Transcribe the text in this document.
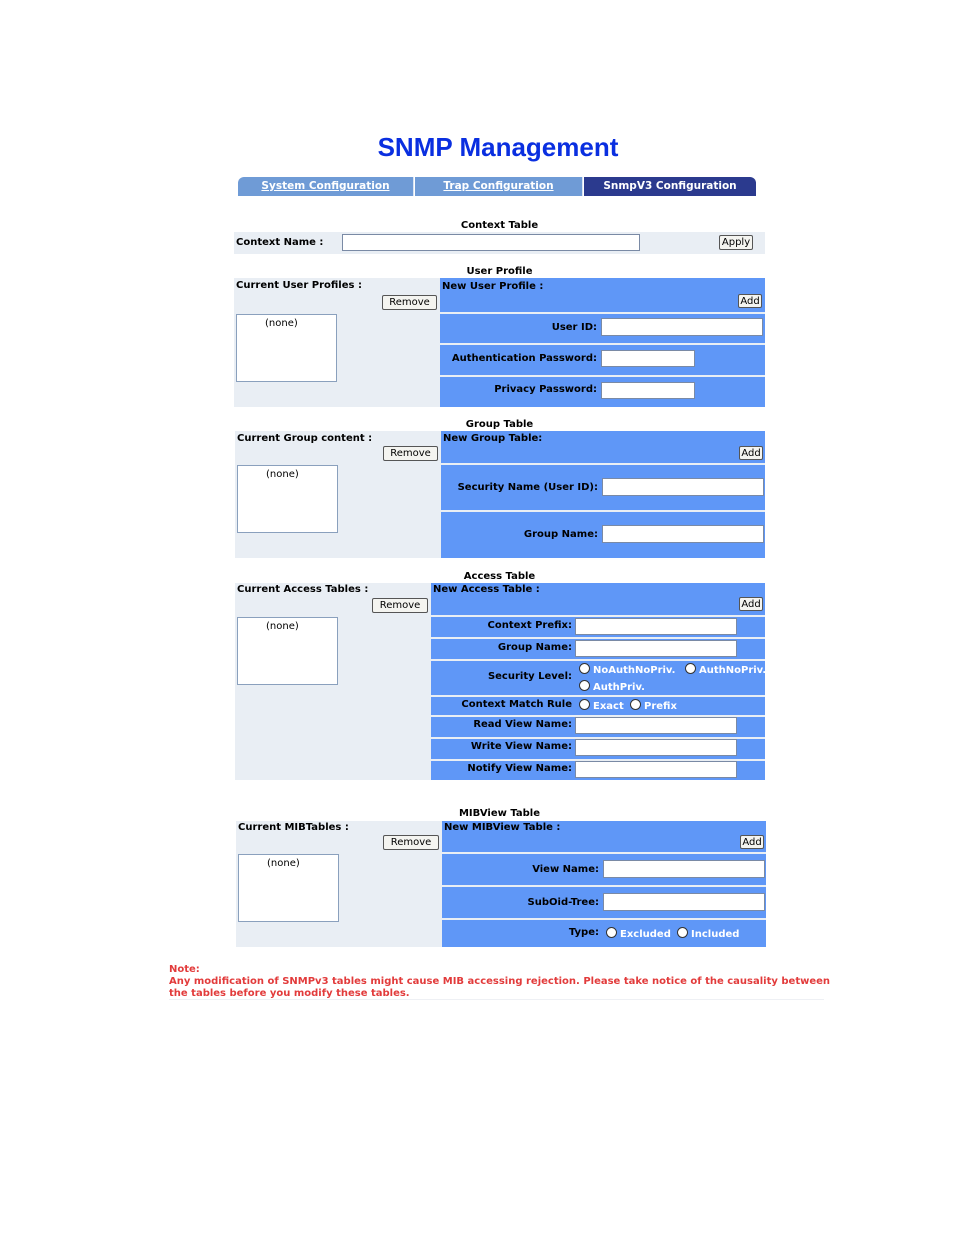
SNMP Management
System Configuration	Trap Configuration	SnmpV3 Configuration
Context Table
Context Name :	Apply
User Profile
Current User Profiles :
Remove
(none)
New User Profile :
Add
User ID:
Authentication Password:
Privacy Password:
Group Table
Current Group content :
Remove
(none)
New Group Table:
Add
Security Name (User ID):
Group Name:
Access Table
Current Access Tables :
Remove
(none)
New Access Table :
Add
Context Prefix:
Group Name:
Security Level:
NoAuthNoPriv.	AuthNoPriv.
AuthPriv.
Context Match Rule	Exact	Prefix
Read View Name:
Write View Name:
Notify View Name:
MIBView Table
Current MIBTables :
Remove
(none)
New MIBView Table :
Add
View Name:
SubOid-Tree:
Type:	Excluded	Included
Note:
Any modification of SNMPv3 tables might cause MIB accessing rejection. Please take notice of the causality between
the tables before you modify these tables.
